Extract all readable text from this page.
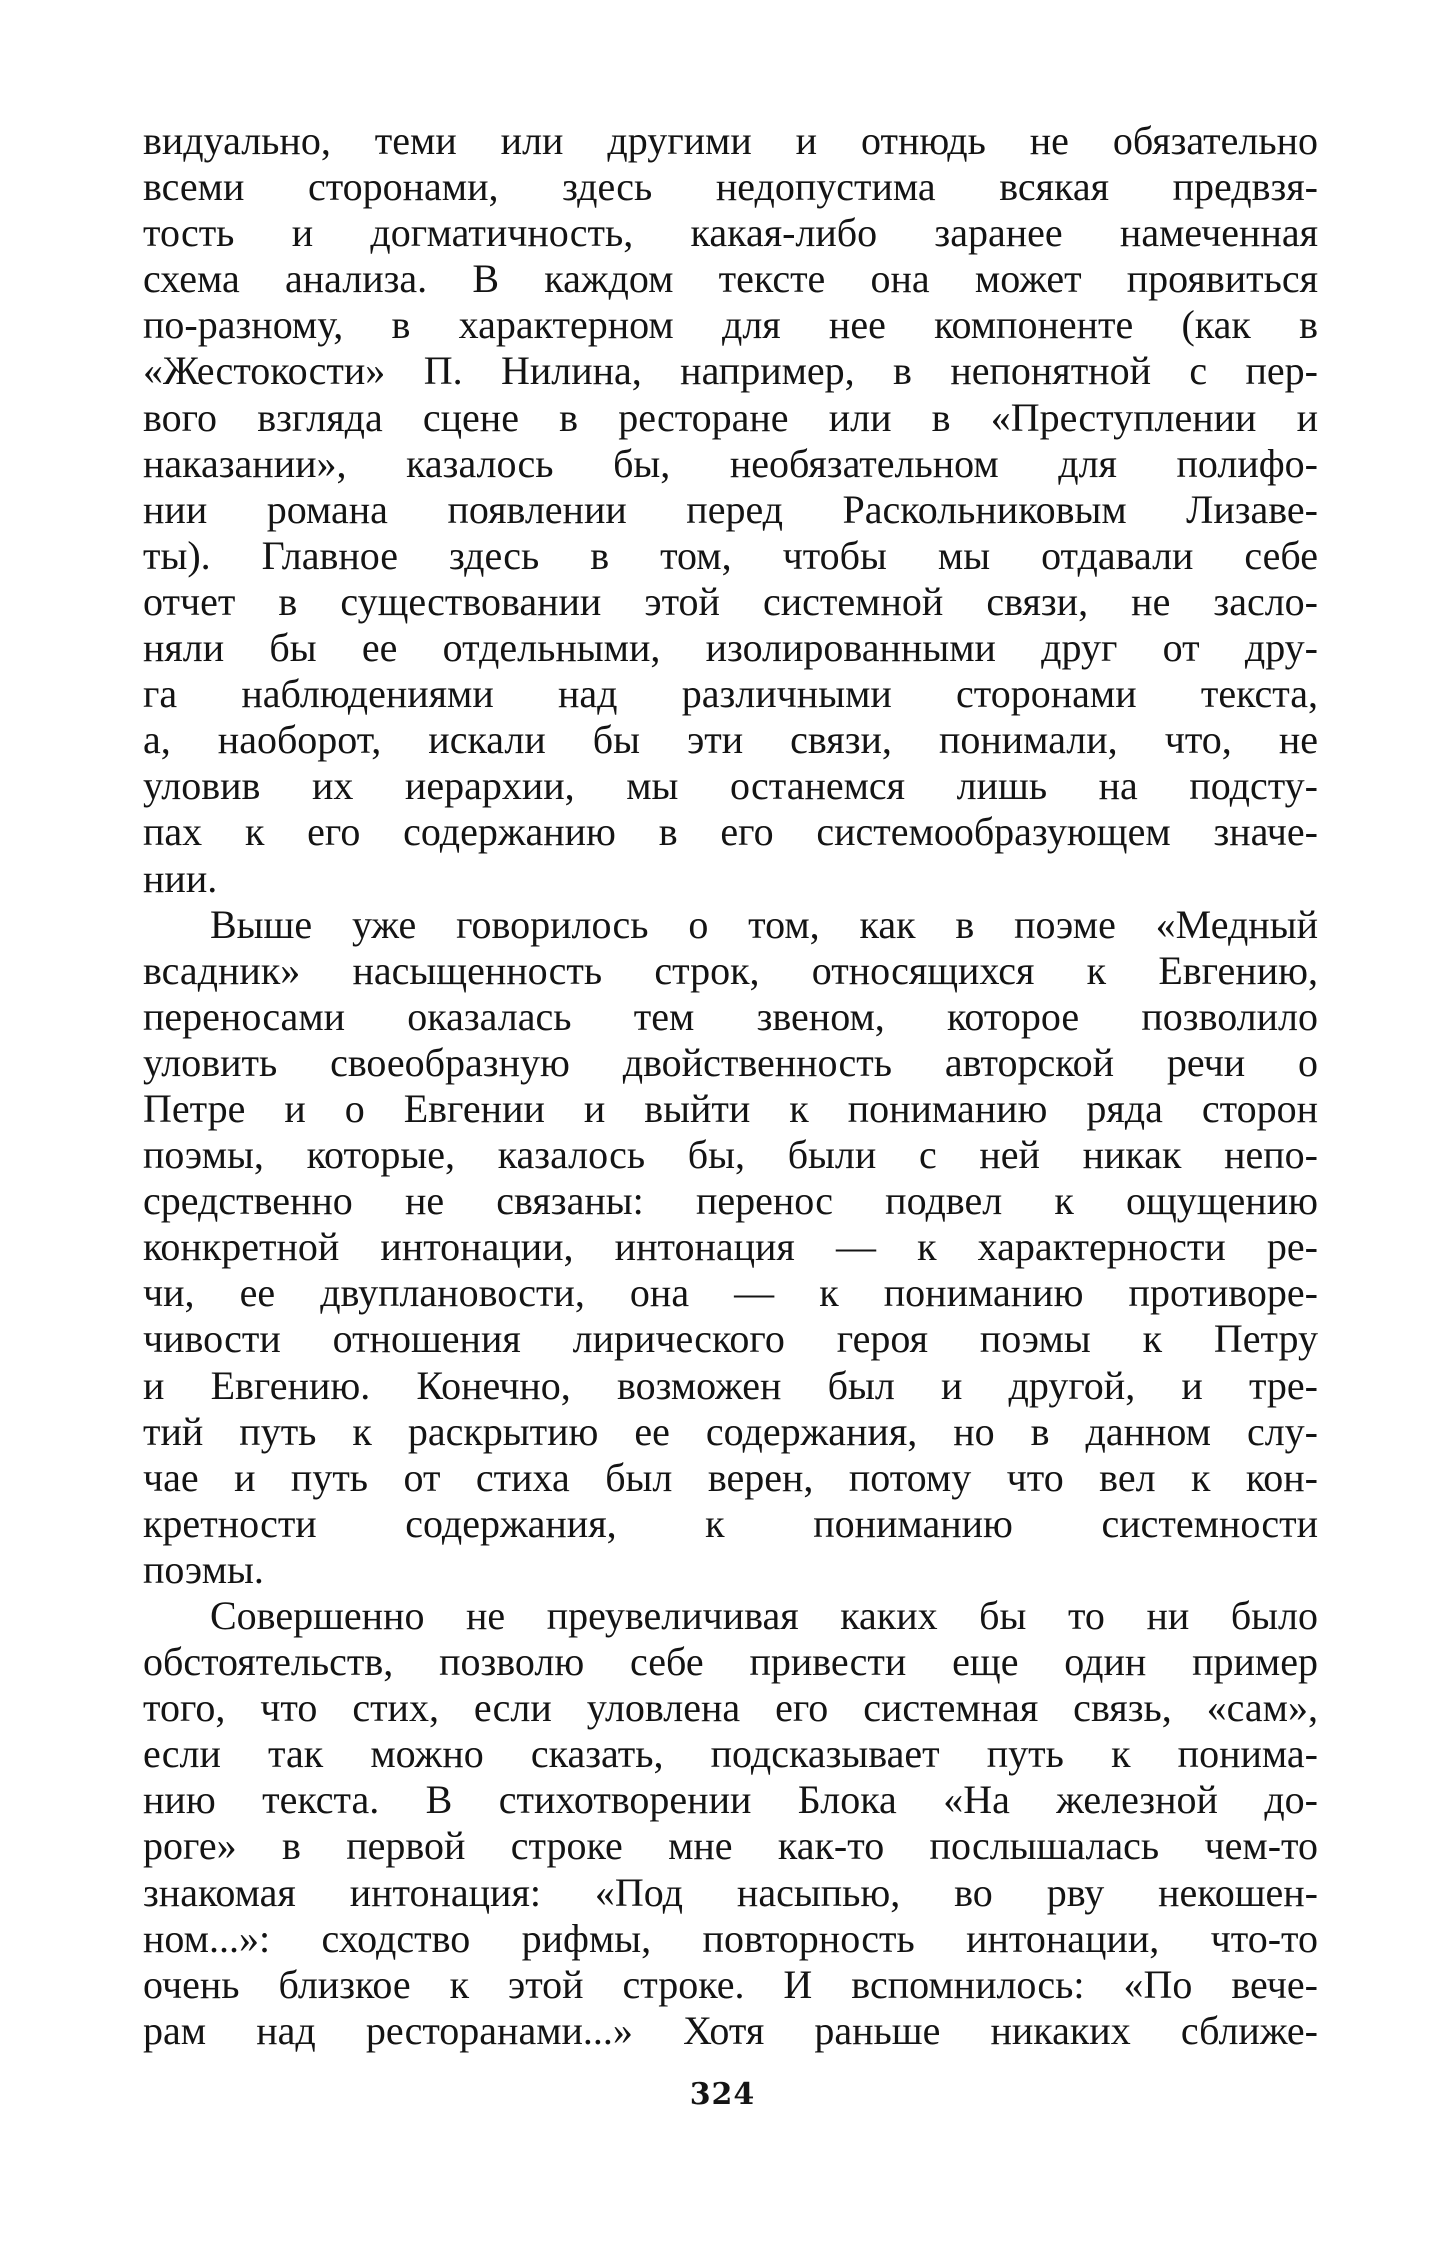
видуально, теми или другими и отнюдь не обязательно
всеми сторонами, здесь недопустима всякая предвзя-
тость и догматичность, какая-либо заранее намеченная
схема анализа. В каждом тексте она может проявиться
по-разному, в характерном для нее компоненте (как в
«Жестокости» П. Нилина, например, в непонятной с пер-
вого взгляда сцене в ресторане или в «Преступлении и
наказании», казалось бы, необязательном для полифо-
нии романа появлении перед Раскольниковым Лизаве-
ты). Главное здесь в том, чтобы мы отдавали себе
отчет в существовании этой системной связи, не засло-
няли бы ее отдельными, изолированными друг от дру-
га наблюдениями над различными сторонами текста,
а, наоборот, искали бы эти связи, понимали, что, не
уловив их иерархии, мы останемся лишь на подсту-
пах к его содержанию в его системообразующем значе-
нии.
Выше уже говорилось о том, как в поэме «Медный
всадник» насыщенность строк, относящихся к Евгению,
переносами оказалась тем звеном, которое позволило
уловить своеобразную двойственность авторской речи о
Петре и о Евгении и выйти к пониманию ряда сторон
поэмы, которые, казалось бы, были с ней никак непо-
средственно не связаны: перенос подвел к ощущению
конкретной интонации, интонация — к характерности ре-
чи, ее двуплановости, она — к пониманию противоре-
чивости отношения лирического героя поэмы к Петру
и Евгению. Конечно, возможен был и другой, и тре-
тий путь к раскрытию ее содержания, но в данном слу-
чае и путь от стиха был верен, потому что вел к кон-
кретности содержания, к пониманию системности
поэмы.
Совершенно не преувеличивая каких бы то ни было
обстоятельств, позволю себе привести еще один пример
того, что стих, если уловлена его системная связь, «сам»,
если так можно сказать, подсказывает путь к понима-
нию текста. В стихотворении Блока «На железной до-
роге» в первой строке мне как-то послышалась чем-то
знакомая интонация: «Под насыпью, во рву некошен-
ном...»: сходство рифмы, повторность интонации, что-то
очень близкое к этой строке. И вспомнилось: «По вече-
рам над ресторанами...» Хотя раньше никаких сближе-
324
